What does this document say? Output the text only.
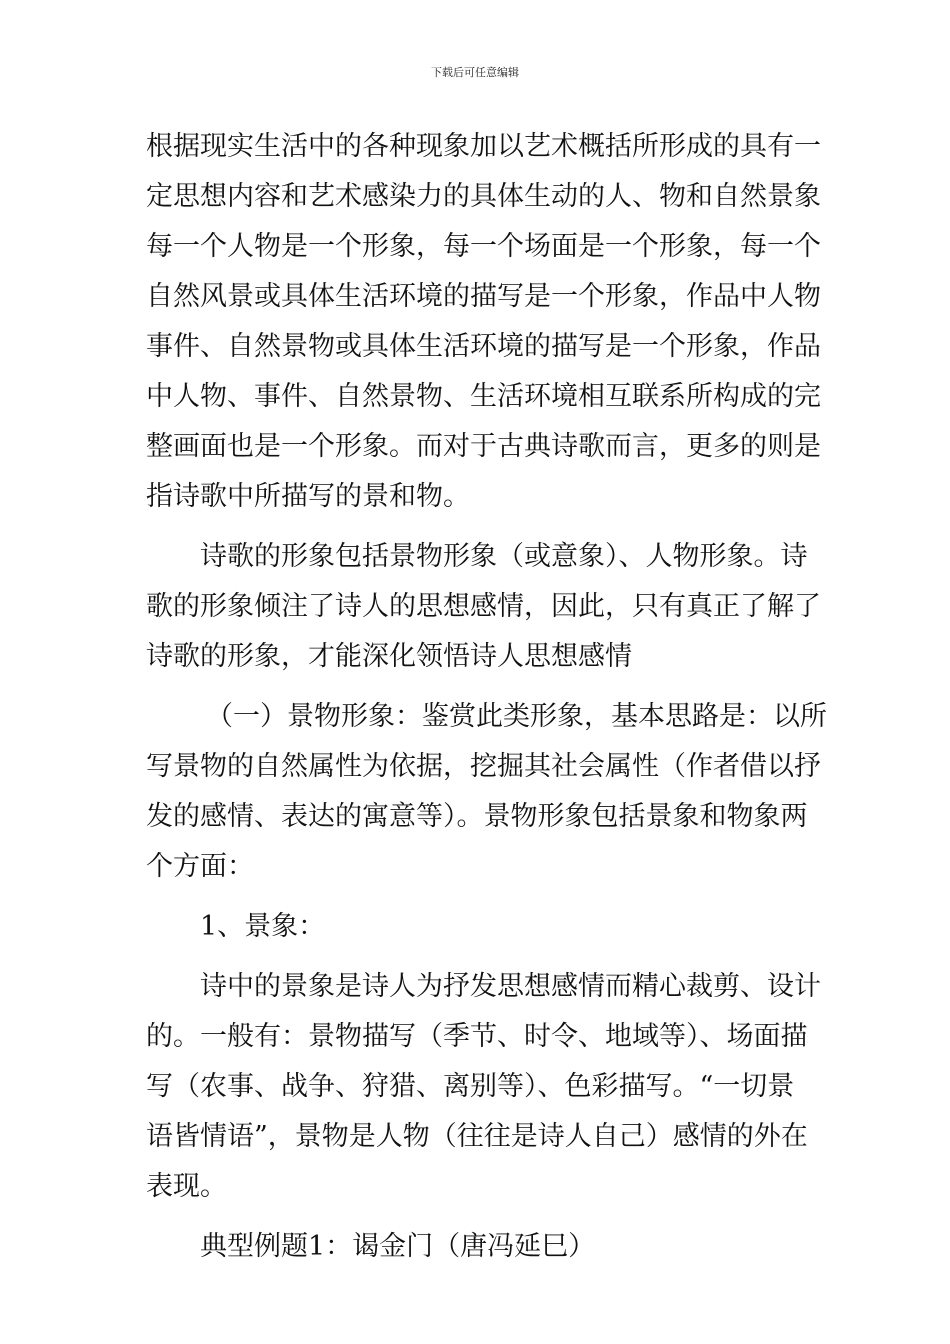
下载后可任意编辑
根据现实生活中的各种现象加以艺术概括所形成的具有一
定思想内容和艺术感染力的具体生动的人、物和自然景象
每一个人物是一个形象，每一个场面是一个形象，每一个
自然风景或具体生活环境的描写是一个形象，作品中人物
事件、自然景物或具体生活环境的描写是一个形象，作品
中人物、事件、自然景物、生活环境相互联系所构成的完
整画面也是一个形象。而对于古典诗歌而言，更多的则是
指诗歌中所描写的景和物。
诗歌的形象包括景物形象（或意象）、人物形象。诗
歌的形象倾注了诗人的思想感情，因此，只有真正了解了
诗歌的形象，才能深化领悟诗人思想感情
（一）景物形象：鉴赏此类形象，基本思路是：以所
写景物的自然属性为依据，挖掘其社会属性（作者借以抒
发的感情、表达的寓意等）。景物形象包括景象和物象两
个方面：
1、景象：
诗中的景象是诗人为抒发思想感情而精心裁剪、设计
的。一般有：景物描写（季节、时令、地域等）、场面描
写（农事、战争、狩猎、离别等）、色彩描写。“一切景
语皆情语”，景物是人物（往往是诗人自己）感情的外在
表现。
典型例题1：谒金门（唐冯延巳）
